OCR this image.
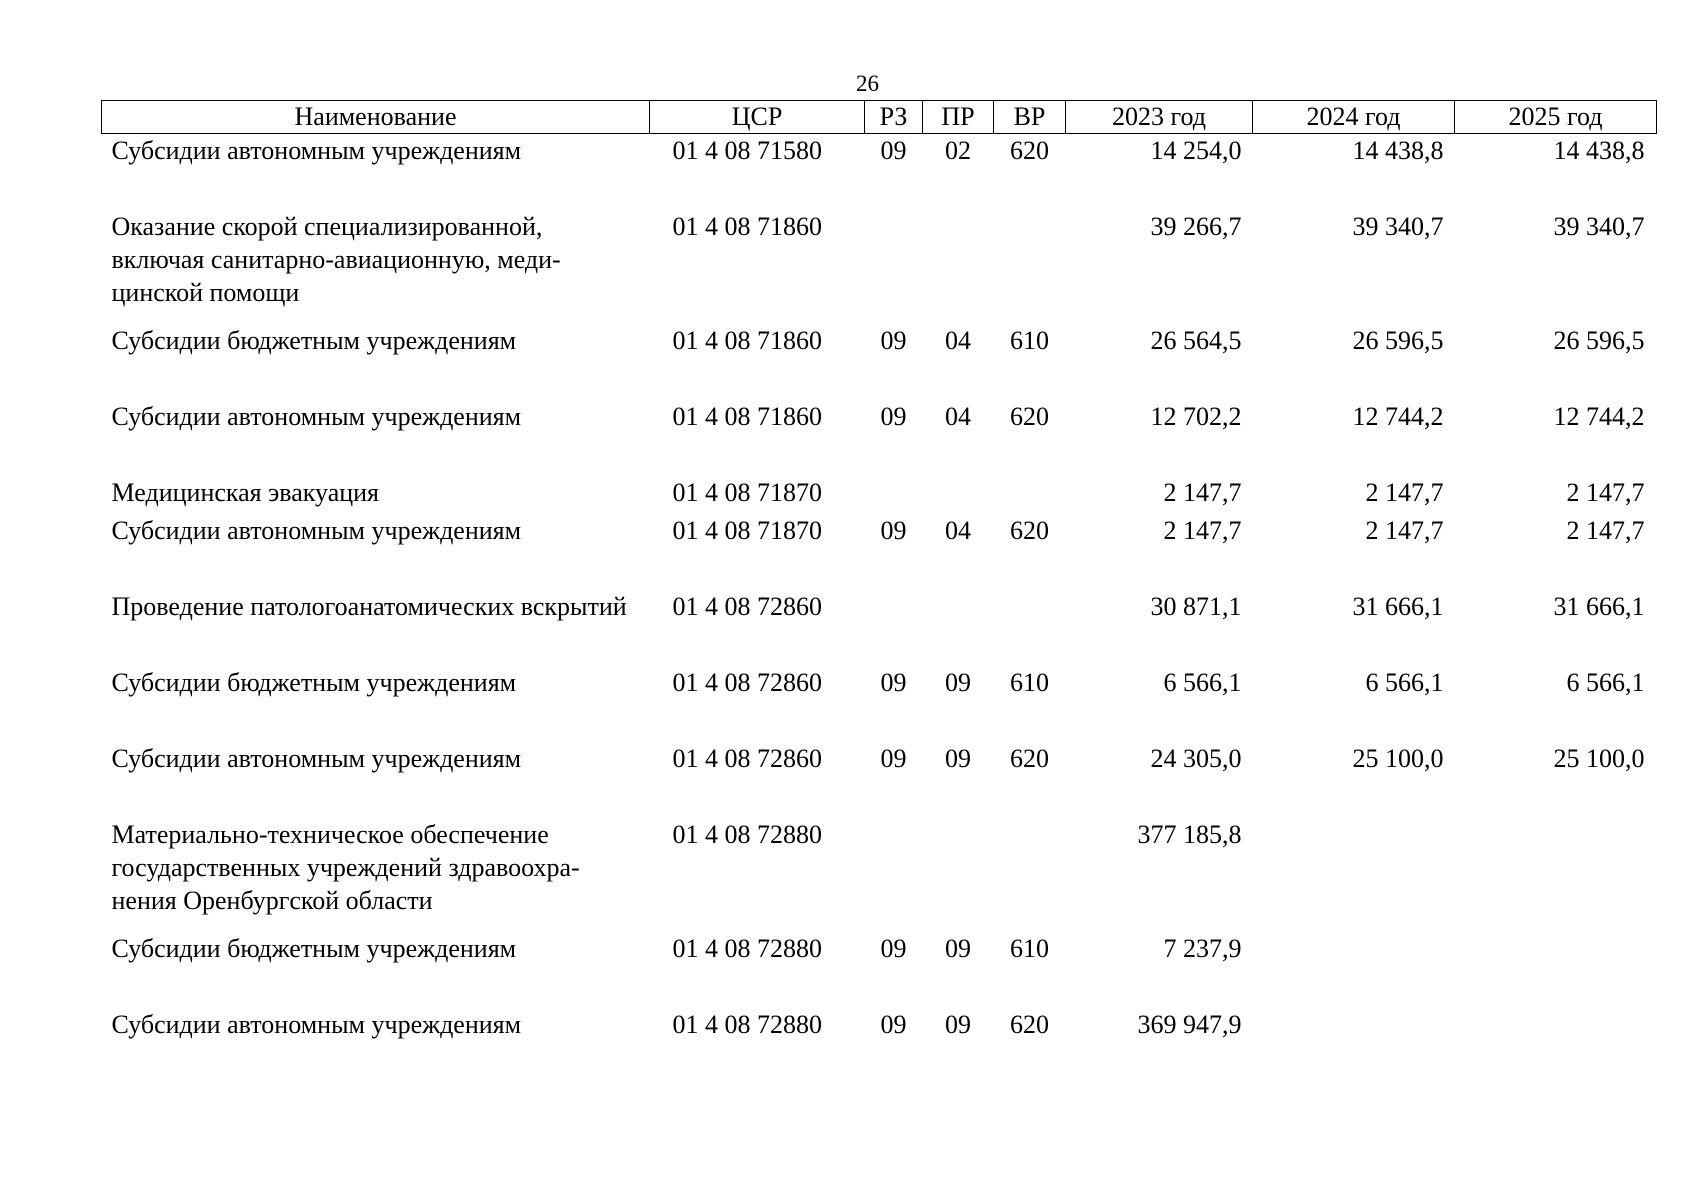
26
Наименование	ЦСР	РЗ	ПР	ВР	2023 год	2024 год	2025 год
Субсидии автономным учреждениям	01 4 08 71580	09	02	620	14 254,0	14 438,8	14 438,8
Оказание скорой специализированной, включая санитарно-авиационную, меди-цинской помощи	01 4 08 71860				39 266,7	39 340,7	39 340,7
Субсидии бюджетным учреждениям	01 4 08 71860	09	04	610	26 564,5	26 596,5	26 596,5
Субсидии автономным учреждениям	01 4 08 71860	09	04	620	12 702,2	12 744,2	12 744,2
Медицинская эвакуация	01 4 08 71870				2 147,7	2 147,7	2 147,7
Субсидии автономным учреждениям	01 4 08 71870	09	04	620	2 147,7	2 147,7	2 147,7
Проведение патологоанатомических вскрытий	01 4 08 72860				30 871,1	31 666,1	31 666,1
Субсидии бюджетным учреждениям	01 4 08 72860	09	09	610	6 566,1	6 566,1	6 566,1
Субсидии автономным учреждениям	01 4 08 72860	09	09	620	24 305,0	25 100,0	25 100,0
Материально-техническое обеспечение государственных учреждений здравоохра-нения Оренбургской области	01 4 08 72880				377 185,8		
Субсидии бюджетным учреждениям	01 4 08 72880	09	09	610	7 237,9		
Субсидии автономным учреждениям	01 4 08 72880	09	09	620	369 947,9		
